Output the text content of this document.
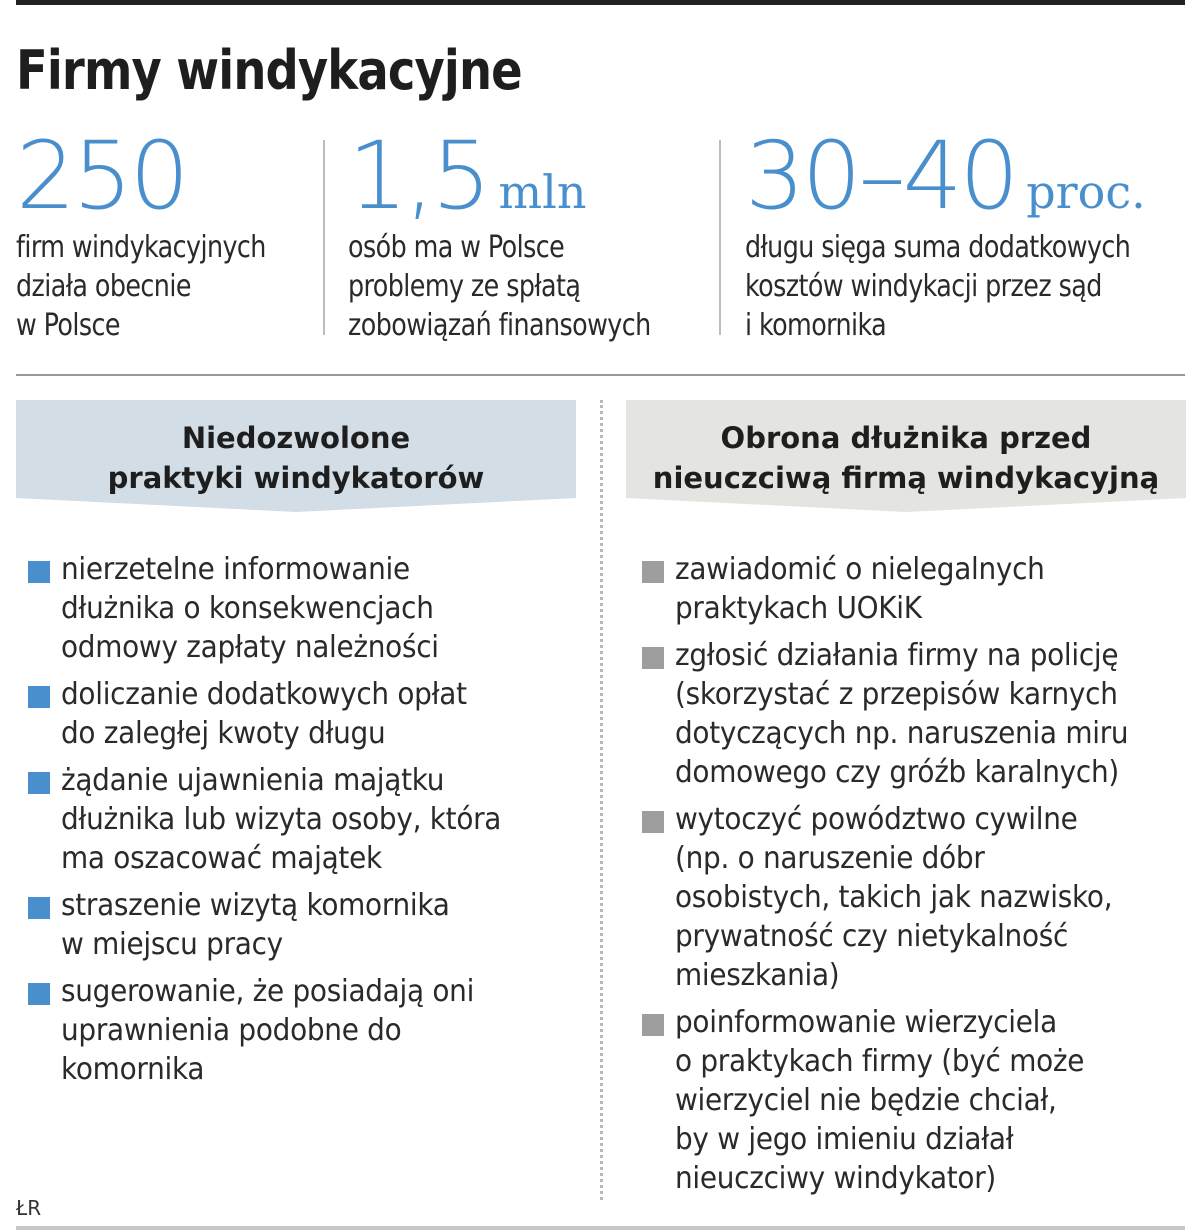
Firmy windykacyjne
250
firm windykacyjnych
działa obecnie
w Polsce
1,5 mln
osób ma w Polsce
problemy ze spłatą
zobowiązań finansowych
30–40 proc.
długu sięga suma dodatkowych
kosztów windykacji przez sąd
i komornika
Niedozwolone
praktyki windykatorów
Obrona dłużnika przed
nieuczciwą firmą windykacyjną
nierzetelne informowanie
dłużnika o konsekwencjach
odmowy zapłaty należności
doliczanie dodatkowych opłat
do zaległej kwoty długu
żądanie ujawnienia majątku
dłużnika lub wizyta osoby, która
ma oszacować majątek
straszenie wizytą komornika
w miejscu pracy
sugerowanie, że posiadają oni
uprawnienia podobne do
komornika
zawiadomić o nielegalnych
praktykach UOKiK
zgłosić działania firmy na policję
(skorzystać z przepisów karnych
dotyczących np. naruszenia miru
domowego czy gróźb karalnych)
wytoczyć powództwo cywilne
(np. o naruszenie dóbr
osobistych, takich jak nazwisko,
prywatność czy nietykalność
mieszkania)
poinformowanie wierzyciela
o praktykach firmy (być może
wierzyciel nie będzie chciał,
by w jego imieniu działał
nieuczciwy windykator)
ŁR
